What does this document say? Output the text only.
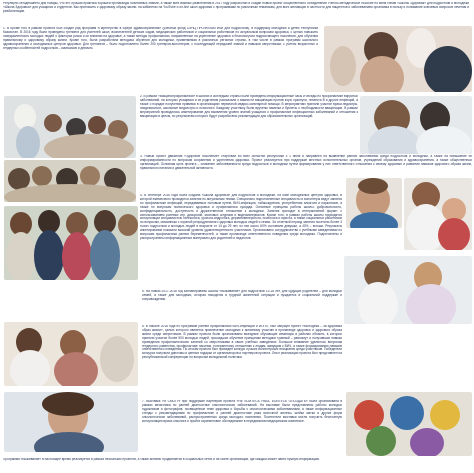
Регулярно сегодняшнего дня товары, что это лучшая практика хорошей пропаганды позитивных знаний, а также всех важных развлечения в 2017 году разработан и создан новый проект общественного объединения Учебно-методическое пособие по всем типам «Школы Здоровья» для подростков и молодежи «Школа Здоровья» для учащихся и студентов. Как пригласить к здоровому образу жизни. на кабинетах на YouTube и on-line школ здоровья с программами по различным тематикам, для всех желающих в частности для пациентов и заболеванием организма в пользу и понимание ключевых вопросов лечения и реабилитации.
1. В Кроме того в рамках проекта был создан ряд программ «Партнерство в сфере здравоохранения» (учебный фонд ОЗНЦ ПРОФИЛАКТИКИ для подростков), в поддержку молодежи и детей Республики Казахстан. В 2016 году были проведены тренинги для учителей школ, воспитателей детских садов, медицинских работников и социальных работников по актуальным вопросам здоровья, с целью повысить осведомленность молодых людей о факторах риска и их влиянии на здоровье, а также методы профилактики, направленные на укрепление здоровья и благополучия подрастающего поколения, для обучения правильному и здоровому образу жизни. Кроме того, была разработана методика обучения для молодежи, применяемая в различных регионах страны, в том числе в рамках программ школьного здравоохранения и молодежных центров здоровья. Для тренингов – было подготовлено более 200 тренеров-волонтеров, с последующей передачей знаний и навыков сверстникам, с учетом возрастных и гендерных особенностей подростков – мальчиков и девочек.
2. В рамках «Вакцинопрофилактики» в школах и колледжах страны были проведены информационные часы и беседы по профилактике вирусных заболеваний, на которых учащимся и их родителям рассказали о важности вакцинации против кори, краснухи, гепатита В и других инфекций, а также о порядке получения прививок в организациях первичной медико-санитарной помощи. В мероприятиях приняли участие врачи-педиатры, эпидемиологи, школьные медсестры и психологи. Каждому участнику были вручены памятки и буклеты о необходимости вакцинации. В рамках мероприятий проводилось анкетирование для выявления уровня знаний учащихся о профилактике инфекционных заболеваний и отношения к вакцинации в целом, по результатам которого будут разработаны рекомендации для образовательных организаций.
3. Новый проект движения «Здоровое поколение» стартовал во всех областях республики с 1 июня и направлен на выявление ранних заболеваний среди подростков и молодежи, а также на повышение их информированности по вопросам сохранения и укрепления здоровья. Проект реализуется при поддержке местных исполнительных органов, учреждений образования и здравоохранения, а также общественных организаций. Основная цель проекта – снижение заболеваемости среди подростков и молодежи путем формирования у них ответственного отношения к своему здоровью и развития навыков здорового образа жизни, правильного питания и двигательной активности.
4. В сентябре 2016 года была создана «Школа здоровья» для подростков и молодежи, на базе молодежных центров здоровья, в которой ежемесячно проводятся занятия по актуальным темам. Специально подготовленные специалисты и волонтеры ведут занятия по профилактике инфекций, передаваемых половым путем, ВИЧ-инфекции, табакокурения, употребления алкоголя и наркотиков, а также по вопросам психического здоровья и профилактики суицида. Основные принципы работы школы: добровольность, конфиденциальность, доступность и дружественное отношение к молодежи. Занятия проходят в интерактивной форме: с использованием ролевых игр, дискуссий, мозговых штурмов и видеоматериалов. Кроме того, в рамках работы школы проводятся консультации специалистов: гинеколога, уролога-андролога, дерматовенеролога, психолога и юриста, а также социальных работников по вопросам, связанным с охраной репродуктивного здоровья молодых людей и семьи. За отчетный период занятия посетили более 3 тысяч подростков и молодых людей в возрасте от 14 до 29 лет, из них около 60% составили девушки, а 40% – юноши. Результаты анкетирования показали высокий уровень удовлетворенности участников. Организовано сотрудничество с учебными заведениями по вопросам профилактики ранних беременностей, а также пропаганде ответственного поведения среди молодежи. Подготовлены и распространены информационные материалы для родителей и педагогов.
5. На новый 2017-2018 год запланированы Школы «Выживание» для подростков 13-18 лет, для будущих родителей – для молодых семей, а также для молодежи, которая находится в трудной жизненной ситуации и нуждается в социальной поддержке и сопровождении.
6. В начале 2018 года по программе ранней профилактики ВИЧ-инфекции и ИППП, был запущен проект «Молодежь – за здоровый образ жизни», целью которого является привлечение молодежи к активному участию в пропаганде здоровья и здорового образа жизни среди сверстников. В рамках проекта были организованы выездные обучающие семинары в районах области, в которых приняли участие более 500 молодых людей, прошедших обучение принципам методики «равный – равному» и получивших навыки проведения профилактических занятий со сверстниками в своих учебных заведениях. Большое внимание уделялось вопросам гендерного равенства, профилактике насилия, толерантному отношению к людям, живущим с ВИЧ, а также формированию навыков ответственного поведения. По итогам проекта был проведен конкурс лучших волонтерских инициатив среди участников. Победители конкурса получили дипломы и ценные подарки от организаторов и партнеров проекта. Опыт реализации проекта был представлен на республиканской конференции по вопросам молодежной политики.
7. Выставка «Я СМОГУ» при поддержке партнеров проекта «НЕ БОЙТЕСЬ РАКА, БОЙТЕСЬ ОПОЗДАТЬ» была организована в рамках месячника по ранней диагностике онкологических заболеваний. На выставке были представлены работы молодых художников и фотографов, посвященные теме здоровья и борьбы с онкологическими заболеваниями, а также информационные стенды с рекомендациями по профилактике и ранней диагностике рака молочной железы, шейки матки и других форм онкологических заболеваний, распространенных среди молодого населения. Посетители выставки могли получить бесплатную консультацию врача-онколога и пройти скрининговое обследование в передвижном медицинском комплексе.
Программа «Выживание» в настоящее время реализуется в рамках нескольких проектов, а также активно продвигается в социальных сетях и на сайте организации, где каждый может найти нужную информацию.
